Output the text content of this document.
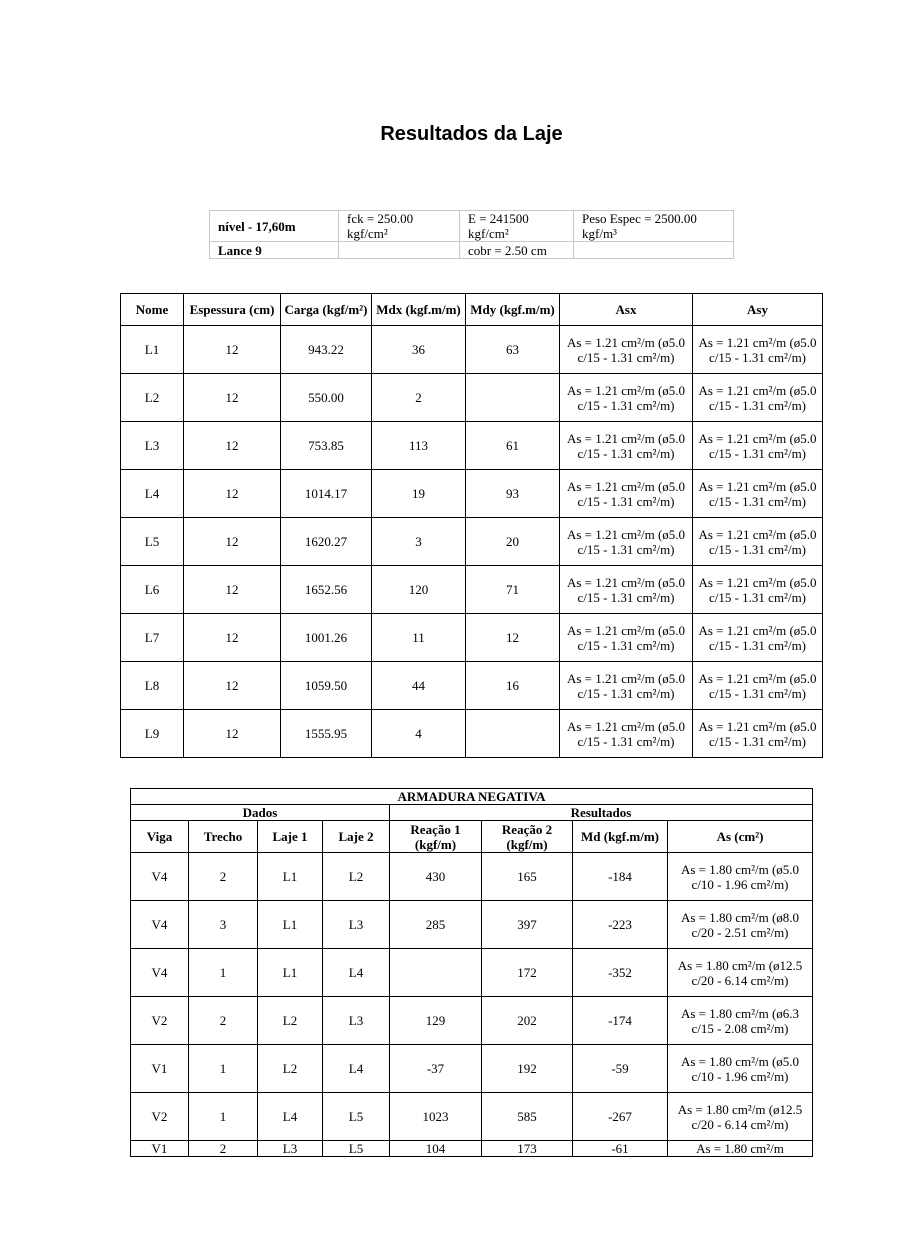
Resultados da Laje
nível - 17,60m	fck = 250.00 kgf/cm²	E = 241500 kgf/cm²	Peso Espec = 2500.00 kgf/m³
Lance 9		cobr = 2.50 cm	
Nome	Espessura (cm)	Carga (kgf/m²)	Mdx (kgf.m/m)	Mdy (kgf.m/m)	Asx	Asy
L1	12	943.22	36	63	As = 1.21 cm²/m (ø5.0 c/15 - 1.31 cm²/m)	As = 1.21 cm²/m (ø5.0 c/15 - 1.31 cm²/m)
L2	12	550.00	2		As = 1.21 cm²/m (ø5.0 c/15 - 1.31 cm²/m)	As = 1.21 cm²/m (ø5.0 c/15 - 1.31 cm²/m)
L3	12	753.85	113	61	As = 1.21 cm²/m (ø5.0 c/15 - 1.31 cm²/m)	As = 1.21 cm²/m (ø5.0 c/15 - 1.31 cm²/m)
L4	12	1014.17	19	93	As = 1.21 cm²/m (ø5.0 c/15 - 1.31 cm²/m)	As = 1.21 cm²/m (ø5.0 c/15 - 1.31 cm²/m)
L5	12	1620.27	3	20	As = 1.21 cm²/m (ø5.0 c/15 - 1.31 cm²/m)	As = 1.21 cm²/m (ø5.0 c/15 - 1.31 cm²/m)
L6	12	1652.56	120	71	As = 1.21 cm²/m (ø5.0 c/15 - 1.31 cm²/m)	As = 1.21 cm²/m (ø5.0 c/15 - 1.31 cm²/m)
L7	12	1001.26	11	12	As = 1.21 cm²/m (ø5.0 c/15 - 1.31 cm²/m)	As = 1.21 cm²/m (ø5.0 c/15 - 1.31 cm²/m)
L8	12	1059.50	44	16	As = 1.21 cm²/m (ø5.0 c/15 - 1.31 cm²/m)	As = 1.21 cm²/m (ø5.0 c/15 - 1.31 cm²/m)
L9	12	1555.95	4		As = 1.21 cm²/m (ø5.0 c/15 - 1.31 cm²/m)	As = 1.21 cm²/m (ø5.0 c/15 - 1.31 cm²/m)
ARMADURA NEGATIVA							
Dados				Resultados			
Viga	Trecho	Laje 1	Laje 2	Reação 1 (kgf/m)	Reação 2 (kgf/m)	Md (kgf.m/m)	As (cm²)
V4	2	L1	L2	430	165	-184	As = 1.80 cm²/m (ø5.0 c/10 - 1.96 cm²/m)
V4	3	L1	L3	285	397	-223	As = 1.80 cm²/m (ø8.0 c/20 - 2.51 cm²/m)
V4	1	L1	L4		172	-352	As = 1.80 cm²/m (ø12.5 c/20 - 6.14 cm²/m)
V2	2	L2	L3	129	202	-174	As = 1.80 cm²/m (ø6.3 c/15 - 2.08 cm²/m)
V1	1	L2	L4	-37	192	-59	As = 1.80 cm²/m (ø5.0 c/10 - 1.96 cm²/m)
V2	1	L4	L5	1023	585	-267	As = 1.80 cm²/m (ø12.5 c/20 - 6.14 cm²/m)
V1	2	L3	L5	104	173	-61	As = 1.80 cm²/m
